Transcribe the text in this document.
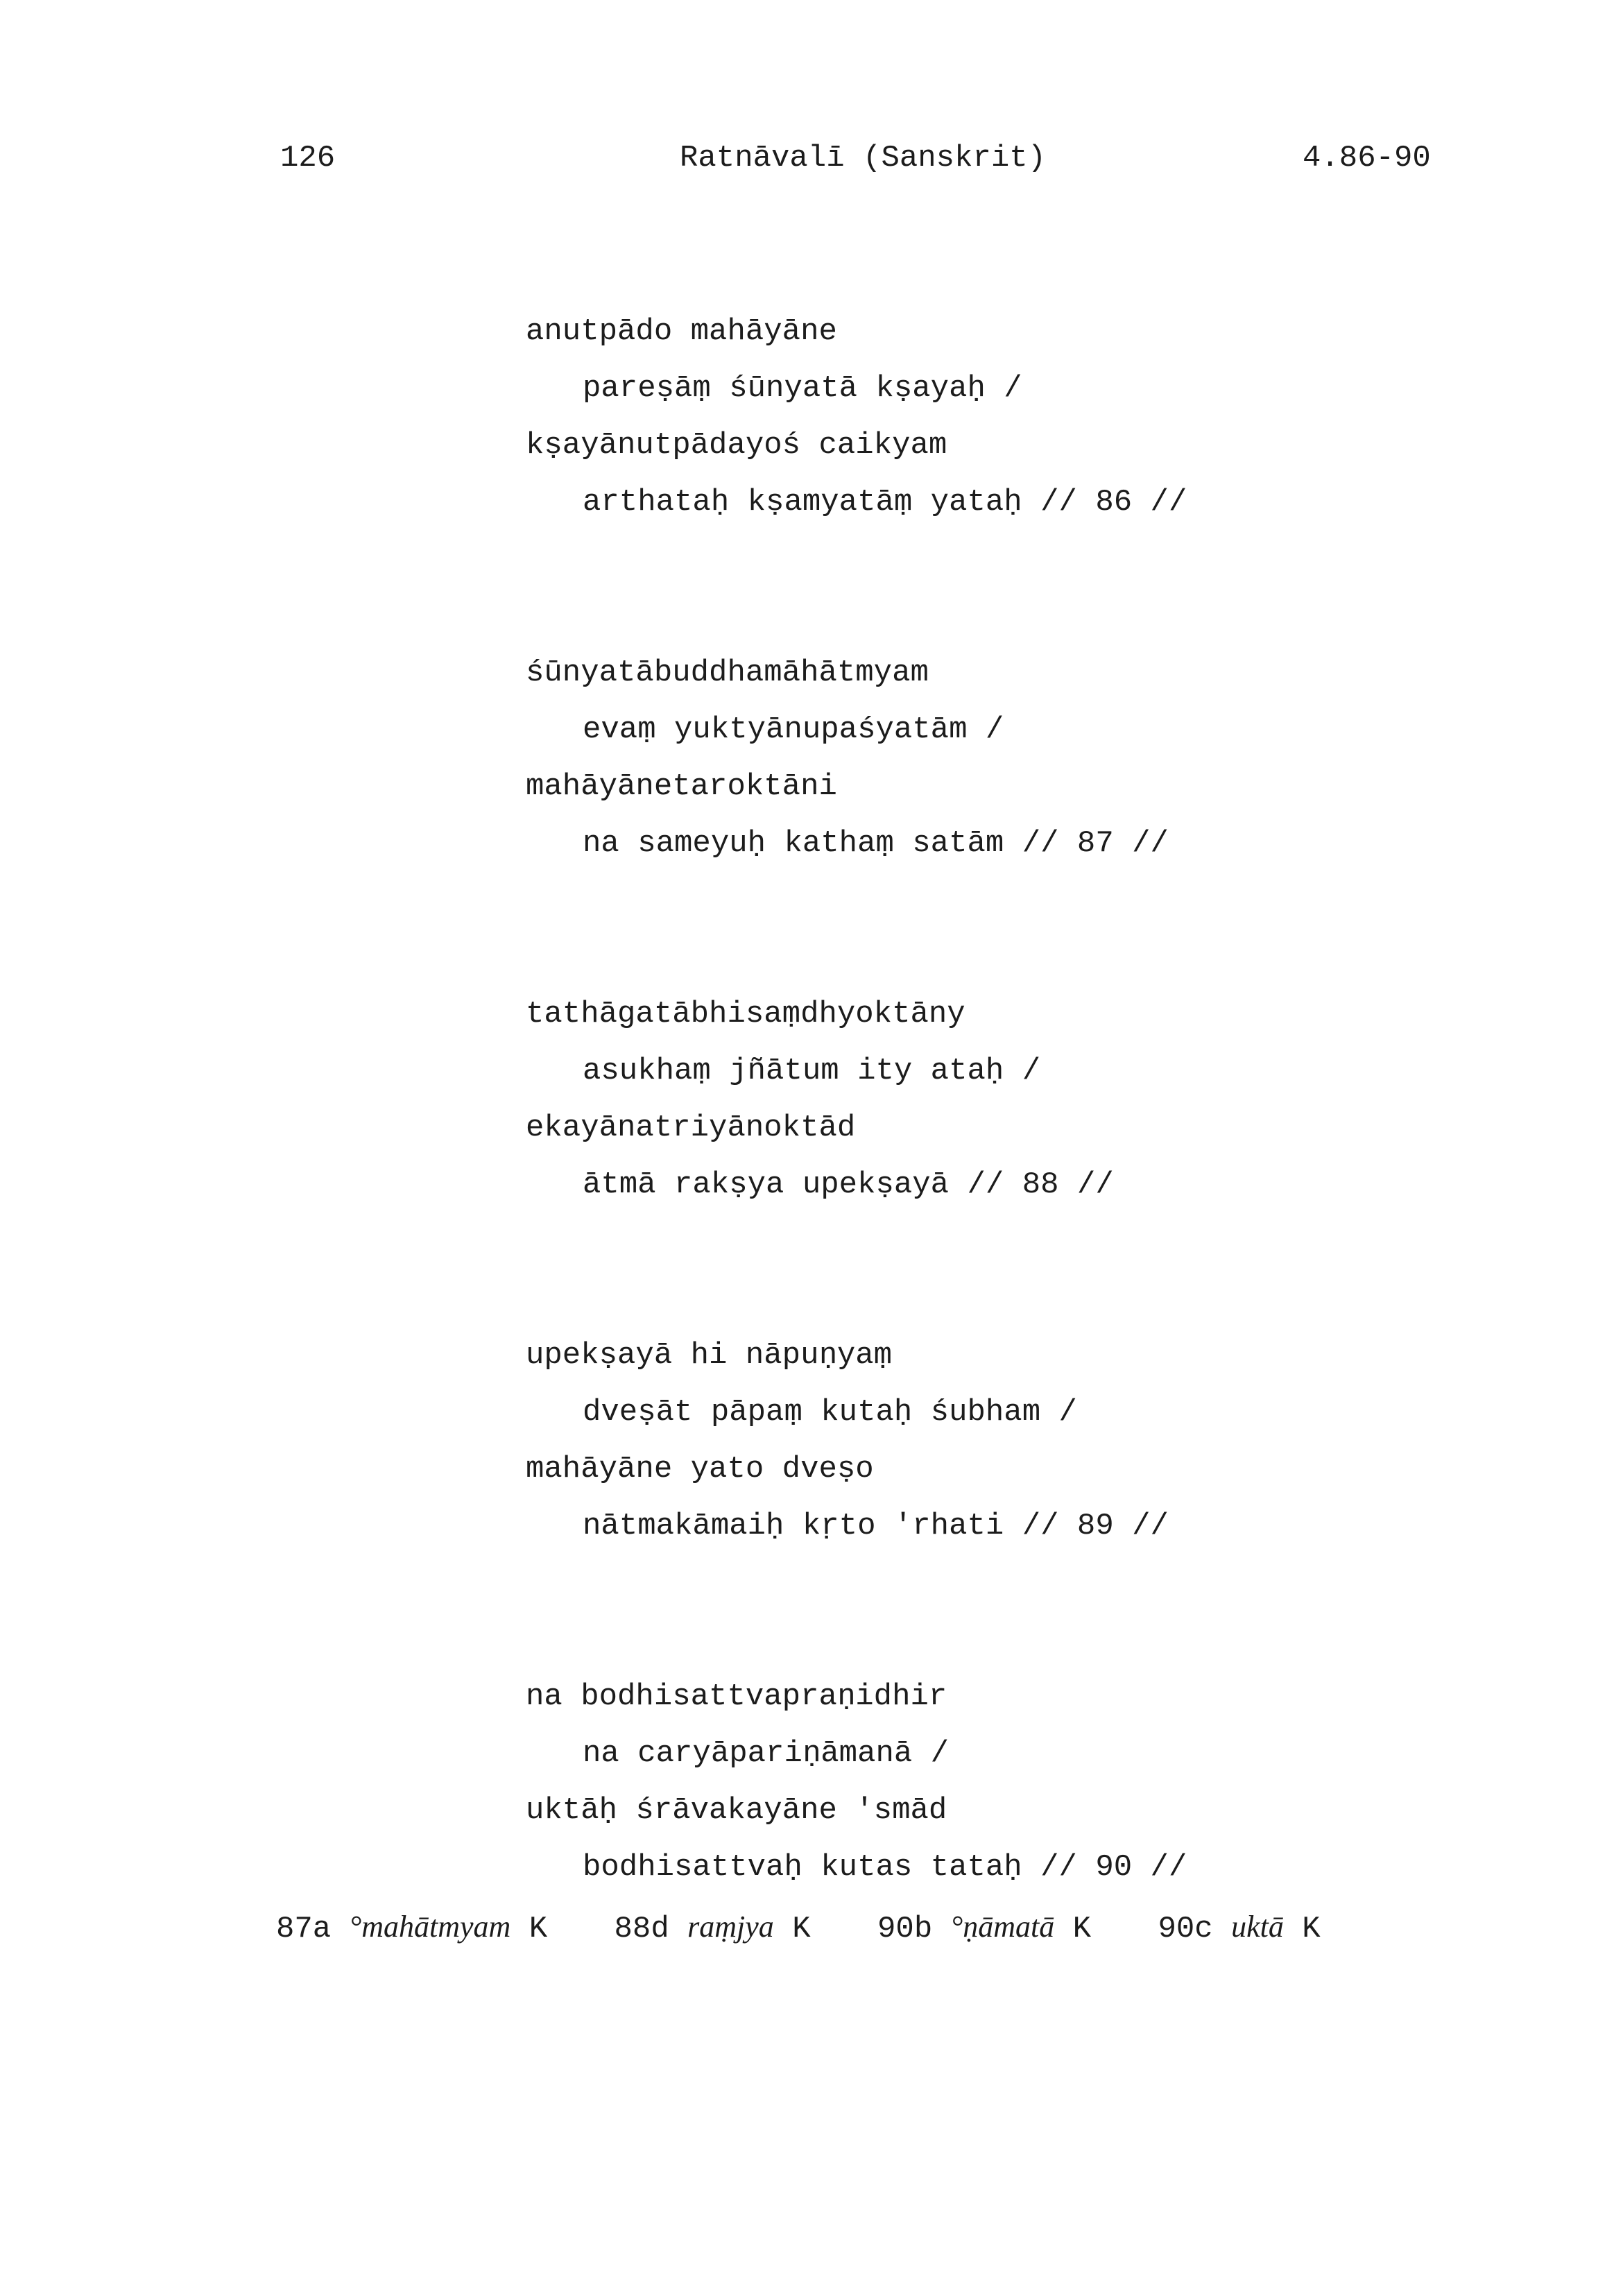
126	Ratnāvalī (Sanskrit)	4.86-90
anutpādo mahāyāne
pareṣāṃ śūnyatā kṣayaḥ /
kṣayānutpādayoś caikyam
arthataḥ kṣamyatāṃ yataḥ // 86 //
śūnyatābuddhamāhātmyam
evaṃ yuktyānupaśyatām /
mahāyānetaroktāni
na sameyuḥ kathaṃ satām // 87 //
tathāgatābhisaṃdhyoktāny
asukhaṃ jñātum ity ataḥ /
ekayānatriyānoktād
ātmā rakṣya upekṣayā // 88 //
upekṣayā hi nāpuṇyaṃ
dveṣāt pāpaṃ kutaḥ śubham /
mahāyāne yato dveṣo
nātmakāmaiḥ kṛto 'rhati // 89 //
na bodhisattvapraṇidhir
na caryāpariṇāmanā /
uktāḥ śrāvakayāne 'smād
bodhisattvaḥ kutas tataḥ // 90 //
87a °mahātmyam K 88d raṃjya K 90b °ṇāmatā K 90c uktā K
